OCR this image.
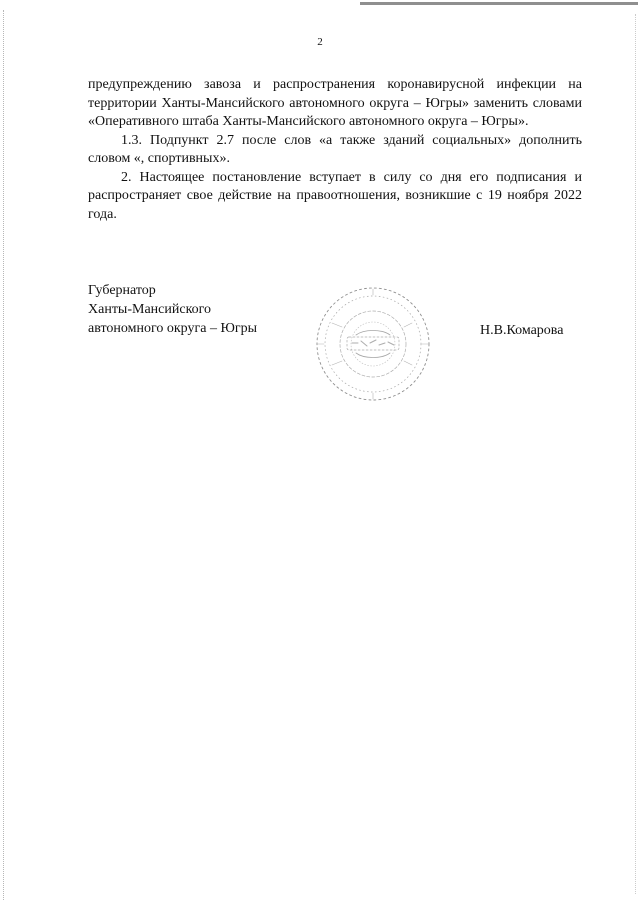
2

предупреждению завоза и распространения коронавирусной инфекции на территории Ханты-Мансийского автономного округа – Югры» заменить словами «Оперативного штаба Ханты-Мансийского автономного округа – Югры».

1.3. Подпункт 2.7 после слов «а также зданий социальных» дополнить словом «, спортивных».

2. Настоящее постановление вступает в силу со дня его подписания и распространяет свое действие на правоотношения, возникшие с 19 ноября 2022 года.

Губернатор
Ханты-Мансийского
автономного округа – Югры	Н.В.Комарова
